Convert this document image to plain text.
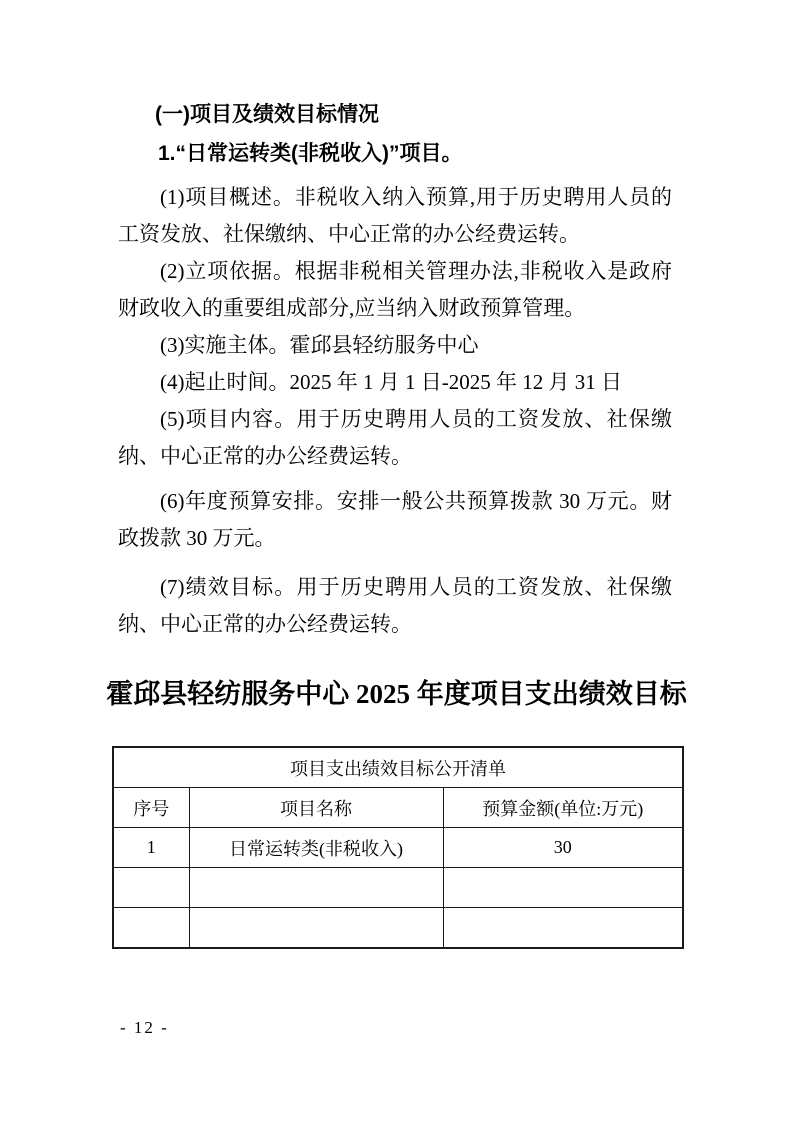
(一)项目及绩效目标情况

1.“日常运转类(非税收入)”项目。

(1)项目概述。非税收入纳入预算,用于历史聘用人员的工资发放、社保缴纳、中心正常的办公经费运转。

(2)立项依据。根据非税相关管理办法,非税收入是政府财政收入的重要组成部分,应当纳入财政预算管理。

(3)实施主体。霍邱县轻纺服务中心

(4)起止时间。2025 年 1 月 1 日-2025 年 12 月 31 日

(5)项目内容。用于历史聘用人员的工资发放、社保缴纳、中心正常的办公经费运转。

(6)年度预算安排。安排一般公共预算拨款 30 万元。财政拨款 30 万元。

(7)绩效目标。用于历史聘用人员的工资发放、社保缴纳、中心正常的办公经费运转。

霍邱县轻纺服务中心 2025 年度项目支出绩效目标

项目支出绩效目标公开清单		
序号	项目名称	预算金额(单位:万元)
1	日常运转类(非税收入)	30

- 12 -
